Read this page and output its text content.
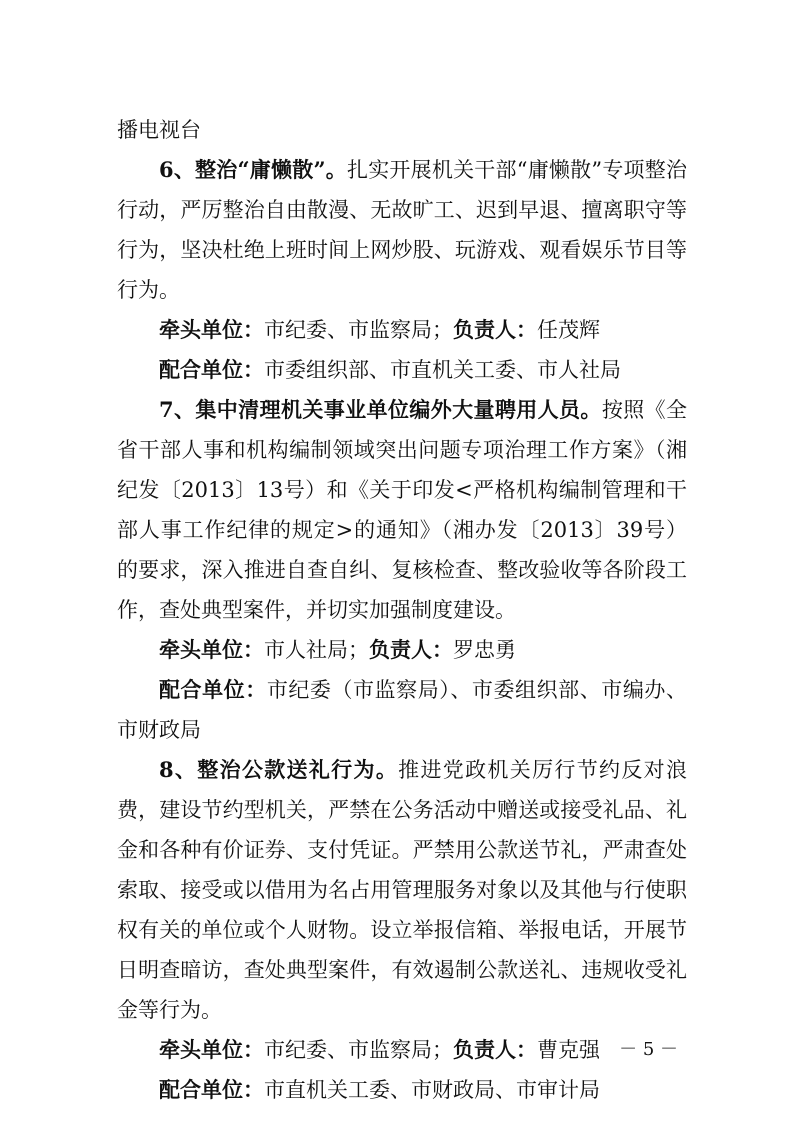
播电视台

6、整治“庸懒散”。扎实开展机关干部“庸懒散”专项整治行动，严厉整治自由散漫、无故旷工、迟到早退、擅离职守等行为，坚决杜绝上班时间上网炒股、玩游戏、观看娱乐节目等行为。

牵头单位：市纪委、市监察局；负责人：任茂辉

配合单位：市委组织部、市直机关工委、市人社局

7、集中清理机关事业单位编外大量聘用人员。按照《全省干部人事和机构编制领域突出问题专项治理工作方案》（湘纪发〔2013〕13号）和《关于印发<严格机构编制管理和干部人事工作纪律的规定>的通知》（湘办发〔2013〕39号）的要求，深入推进自查自纠、复核检查、整改验收等各阶段工作，查处典型案件，并切实加强制度建设。

牵头单位：市人社局；负责人：罗忠勇

配合单位：市纪委（市监察局）、市委组织部、市编办、市财政局

8、整治公款送礼行为。推进党政机关厉行节约反对浪费，建设节约型机关，严禁在公务活动中赠送或接受礼品、礼金和各种有价证券、支付凭证。严禁用公款送节礼，严肃查处索取、接受或以借用为名占用管理服务对象以及其他与行使职权有关的单位或个人财物。设立举报信箱、举报电话，开展节日明查暗访，查处典型案件，有效遏制公款送礼、违规收受礼金等行为。

牵头单位：市纪委、市监察局；负责人：曹克强

配合单位：市直机关工委、市财政局、市审计局

－ 5 －
